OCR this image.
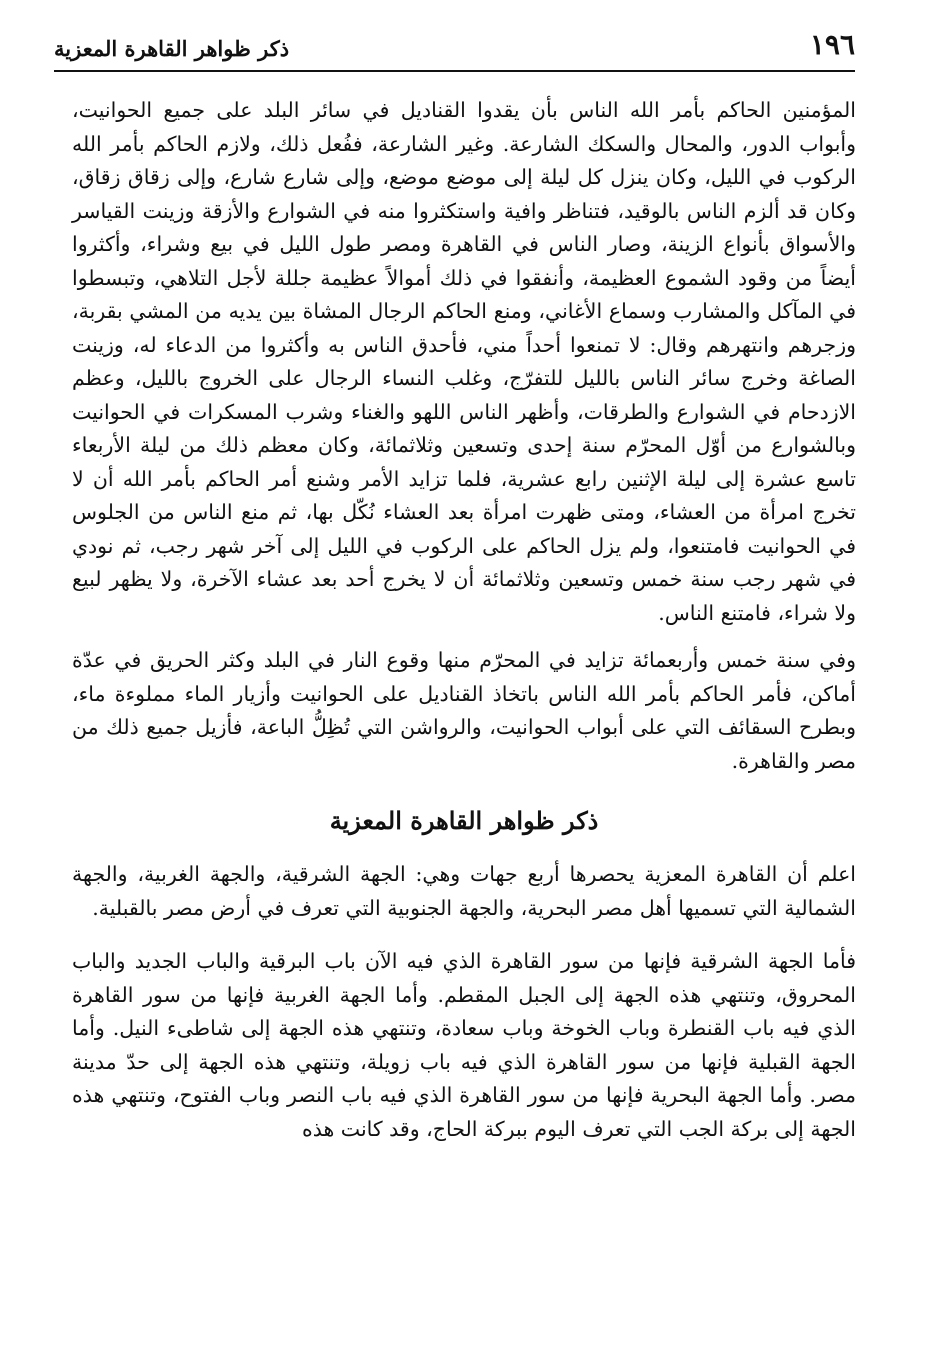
١٩٦
ذكر ظواهر القاهرة المعزية

المؤمنين الحاكم بأمر الله الناس بأن يقدوا القناديل في سائر البلد على جميع الحوانيت، وأبواب الدور، والمحال والسكك الشارعة. وغير الشارعة، ففُعل ذلك، ولازم الحاكم بأمر الله الركوب في الليل، وكان ينزل كل ليلة إلى موضع موضع، وإلى شارع شارع، وإلى زقاق زقاق، وكان قد ألزم الناس بالوقيد، فتناظر وافية واستكثروا منه في الشوارع والأزقة وزينت القياسر والأسواق بأنواع الزينة، وصار الناس في القاهرة ومصر طول الليل في بيع وشراء، وأكثروا أيضاً من وقود الشموع العظيمة، وأنفقوا في ذلك أموالاً عظيمة جللة لأجل التلاهي، وتبسطوا في المآكل والمشارب وسماع الأغاني، ومنع الحاكم الرجال المشاة بين يديه من المشي بقربة، وزجرهم وانتهرهم وقال: لا تمنعوا أحداً مني، فأحدق الناس به وأكثروا من الدعاء له، وزينت الصاغة وخرج سائر الناس بالليل للتفرّج، وغلب النساء الرجال على الخروج بالليل، وعظم الازدحام في الشوارع والطرقات، وأظهر الناس اللهو والغناء وشرب المسكرات في الحوانيت وبالشوارع من أوّل المحرّم سنة إحدى وتسعين وثلاثمائة، وكان معظم ذلك من ليلة الأربعاء تاسع عشرة إلى ليلة الإثنين رابع عشرية، فلما تزايد الأمر وشنع أمر الحاكم بأمر الله أن لا تخرج امرأة من العشاء، ومتى ظهرت امرأة بعد العشاء نُكّل بها، ثم منع الناس من الجلوس في الحوانيت فامتنعوا، ولم يزل الحاكم على الركوب في الليل إلى آخر شهر رجب، ثم نودي في شهر رجب سنة خمس وتسعين وثلاثمائة أن لا يخرج أحد بعد عشاء الآخرة، ولا يظهر لبيع ولا شراء، فامتنع الناس.

وفي سنة خمس وأربعمائة تزايد في المحرّم منها وقوع النار في البلد وكثر الحريق في عدّة أماكن، فأمر الحاكم بأمر الله الناس باتخاذ القناديل على الحوانيت وأزيار الماء مملوءة ماء، وبطرح السقائف التي على أبواب الحوانيت، والرواشن التي تُظِلُّ الباعة، فأزيل جميع ذلك من مصر والقاهرة.

ذكر ظواهر القاهرة المعزية

اعلم أن القاهرة المعزية يحصرها أربع جهات وهي: الجهة الشرقية، والجهة الغربية، والجهة الشمالية التي تسميها أهل مصر البحرية، والجهة الجنوبية التي تعرف في أرض مصر بالقبلية.

فأما الجهة الشرقية فإنها من سور القاهرة الذي فيه الآن باب البرقية والباب الجديد والباب المحروق، وتنتهي هذه الجهة إلى الجبل المقطم. وأما الجهة الغربية فإنها من سور القاهرة الذي فيه باب القنطرة وباب الخوخة وباب سعادة، وتنتهي هذه الجهة إلى شاطىء النيل. وأما الجهة القبلية فإنها من سور القاهرة الذي فيه باب زويلة، وتنتهي هذه الجهة إلى حدّ مدينة مصر. وأما الجهة البحرية فإنها من سور القاهرة الذي فيه باب النصر وباب الفتوح، وتنتهي هذه الجهة إلى بركة الجب التي تعرف اليوم ببركة الحاج، وقد كانت هذه
